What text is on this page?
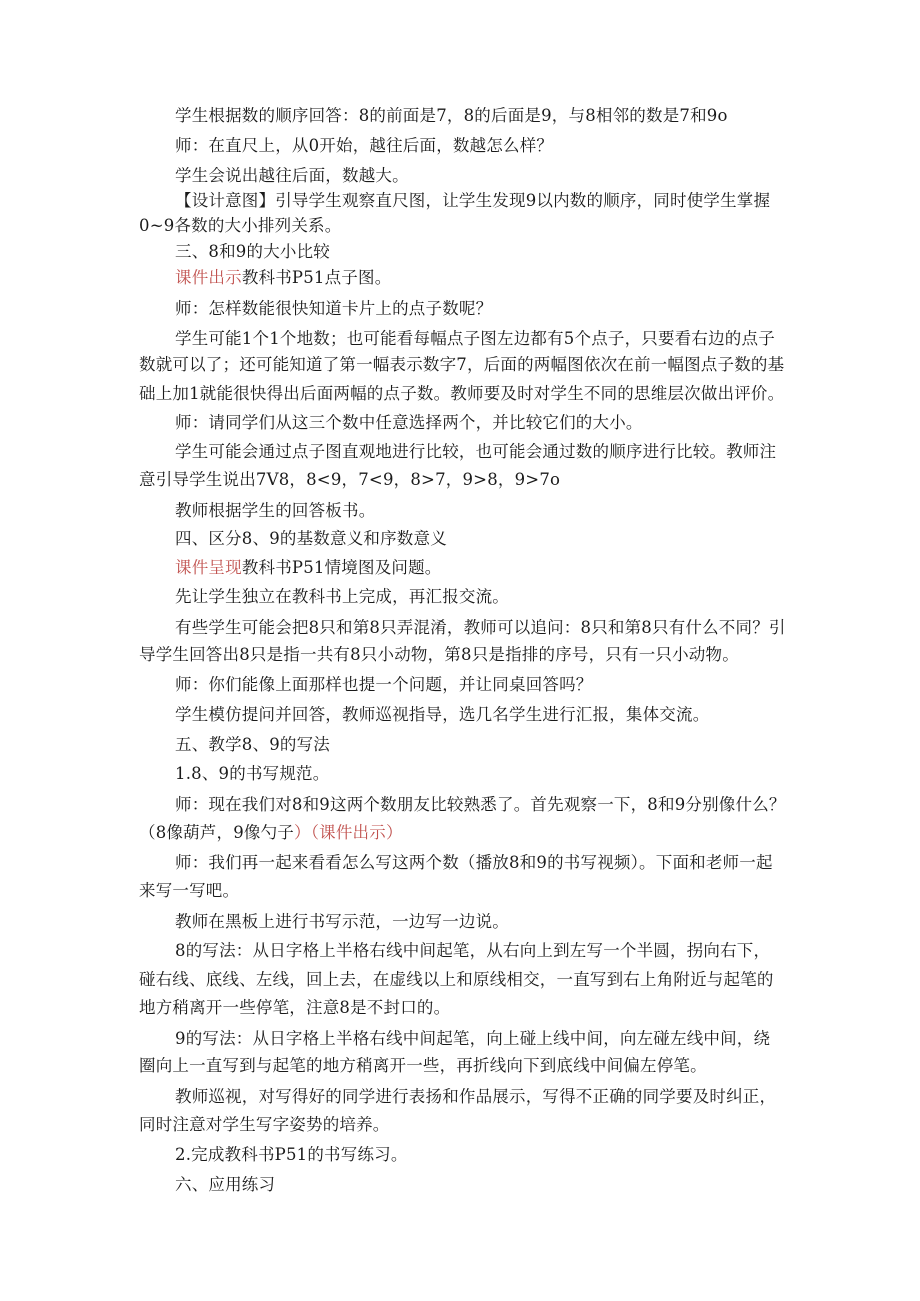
学生根据数的顺序回答：8的前面是7，8的后面是9，与8相邻的数是7和9o
师：在直尺上，从0开始，越往后面，数越怎么样？
学生会说出越往后面，数越大。
【设计意图】引导学生观察直尺图，让学生发现9以内数的顺序，同时使学生掌握
0~9各数的大小排列关系。
三、8和9的大小比较
课件出示教科书P51点子图。
师：怎样数能很快知道卡片上的点子数呢？
学生可能1个1个地数；也可能看每幅点子图左边都有5个点子，只要看右边的点子
数就可以了；还可能知道了第一幅表示数字7，后面的两幅图依次在前一幅图点子数的基
础上加1就能很快得出后面两幅的点子数。教师要及时对学生不同的思维层次做出评价。
师：请同学们从这三个数中任意选择两个，并比较它们的大小。
学生可能会通过点子图直观地进行比较，也可能会通过数的顺序进行比较。教师注
意引导学生说出7V8，8<9，7<9，8>7，9>8，9>7o
教师根据学生的回答板书。
四、区分8、9的基数意义和序数意义
课件呈现教科书P51情境图及问题。
先让学生独立在教科书上完成，再汇报交流。
有些学生可能会把8只和第8只弄混淆，教师可以追问：8只和第8只有什么不同？引
导学生回答出8只是指一共有8只小动物，第8只是指排的序号，只有一只小动物。
师：你们能像上面那样也提一个问题，并让同桌回答吗？
学生模仿提问并回答，教师巡视指导，选几名学生进行汇报，集体交流。
五、教学8、9的写法
1.8、9的书写规范。
师：现在我们对8和9这两个数朋友比较熟悉了。首先观察一下，8和9分别像什么？
（8像葫芦，9像勺子）（课件出示）
师：我们再一起来看看怎么写这两个数（播放8和9的书写视频）。下面和老师一起
来写一写吧。
教师在黑板上进行书写示范，一边写一边说。
8的写法：从日字格上半格右线中间起笔，从右向上到左写一个半圆，拐向右下，
碰右线、底线、左线，回上去，在虚线以上和原线相交，一直写到右上角附近与起笔的
地方稍离开一些停笔，注意8是不封口的。
9的写法：从日字格上半格右线中间起笔，向上碰上线中间，向左碰左线中间，绕
圈向上一直写到与起笔的地方稍离开一些，再折线向下到底线中间偏左停笔。
教师巡视，对写得好的同学进行表扬和作品展示，写得不正确的同学要及时纠正，
同时注意对学生写字姿势的培养。
2.完成教科书P51的书写练习。
六、应用练习
